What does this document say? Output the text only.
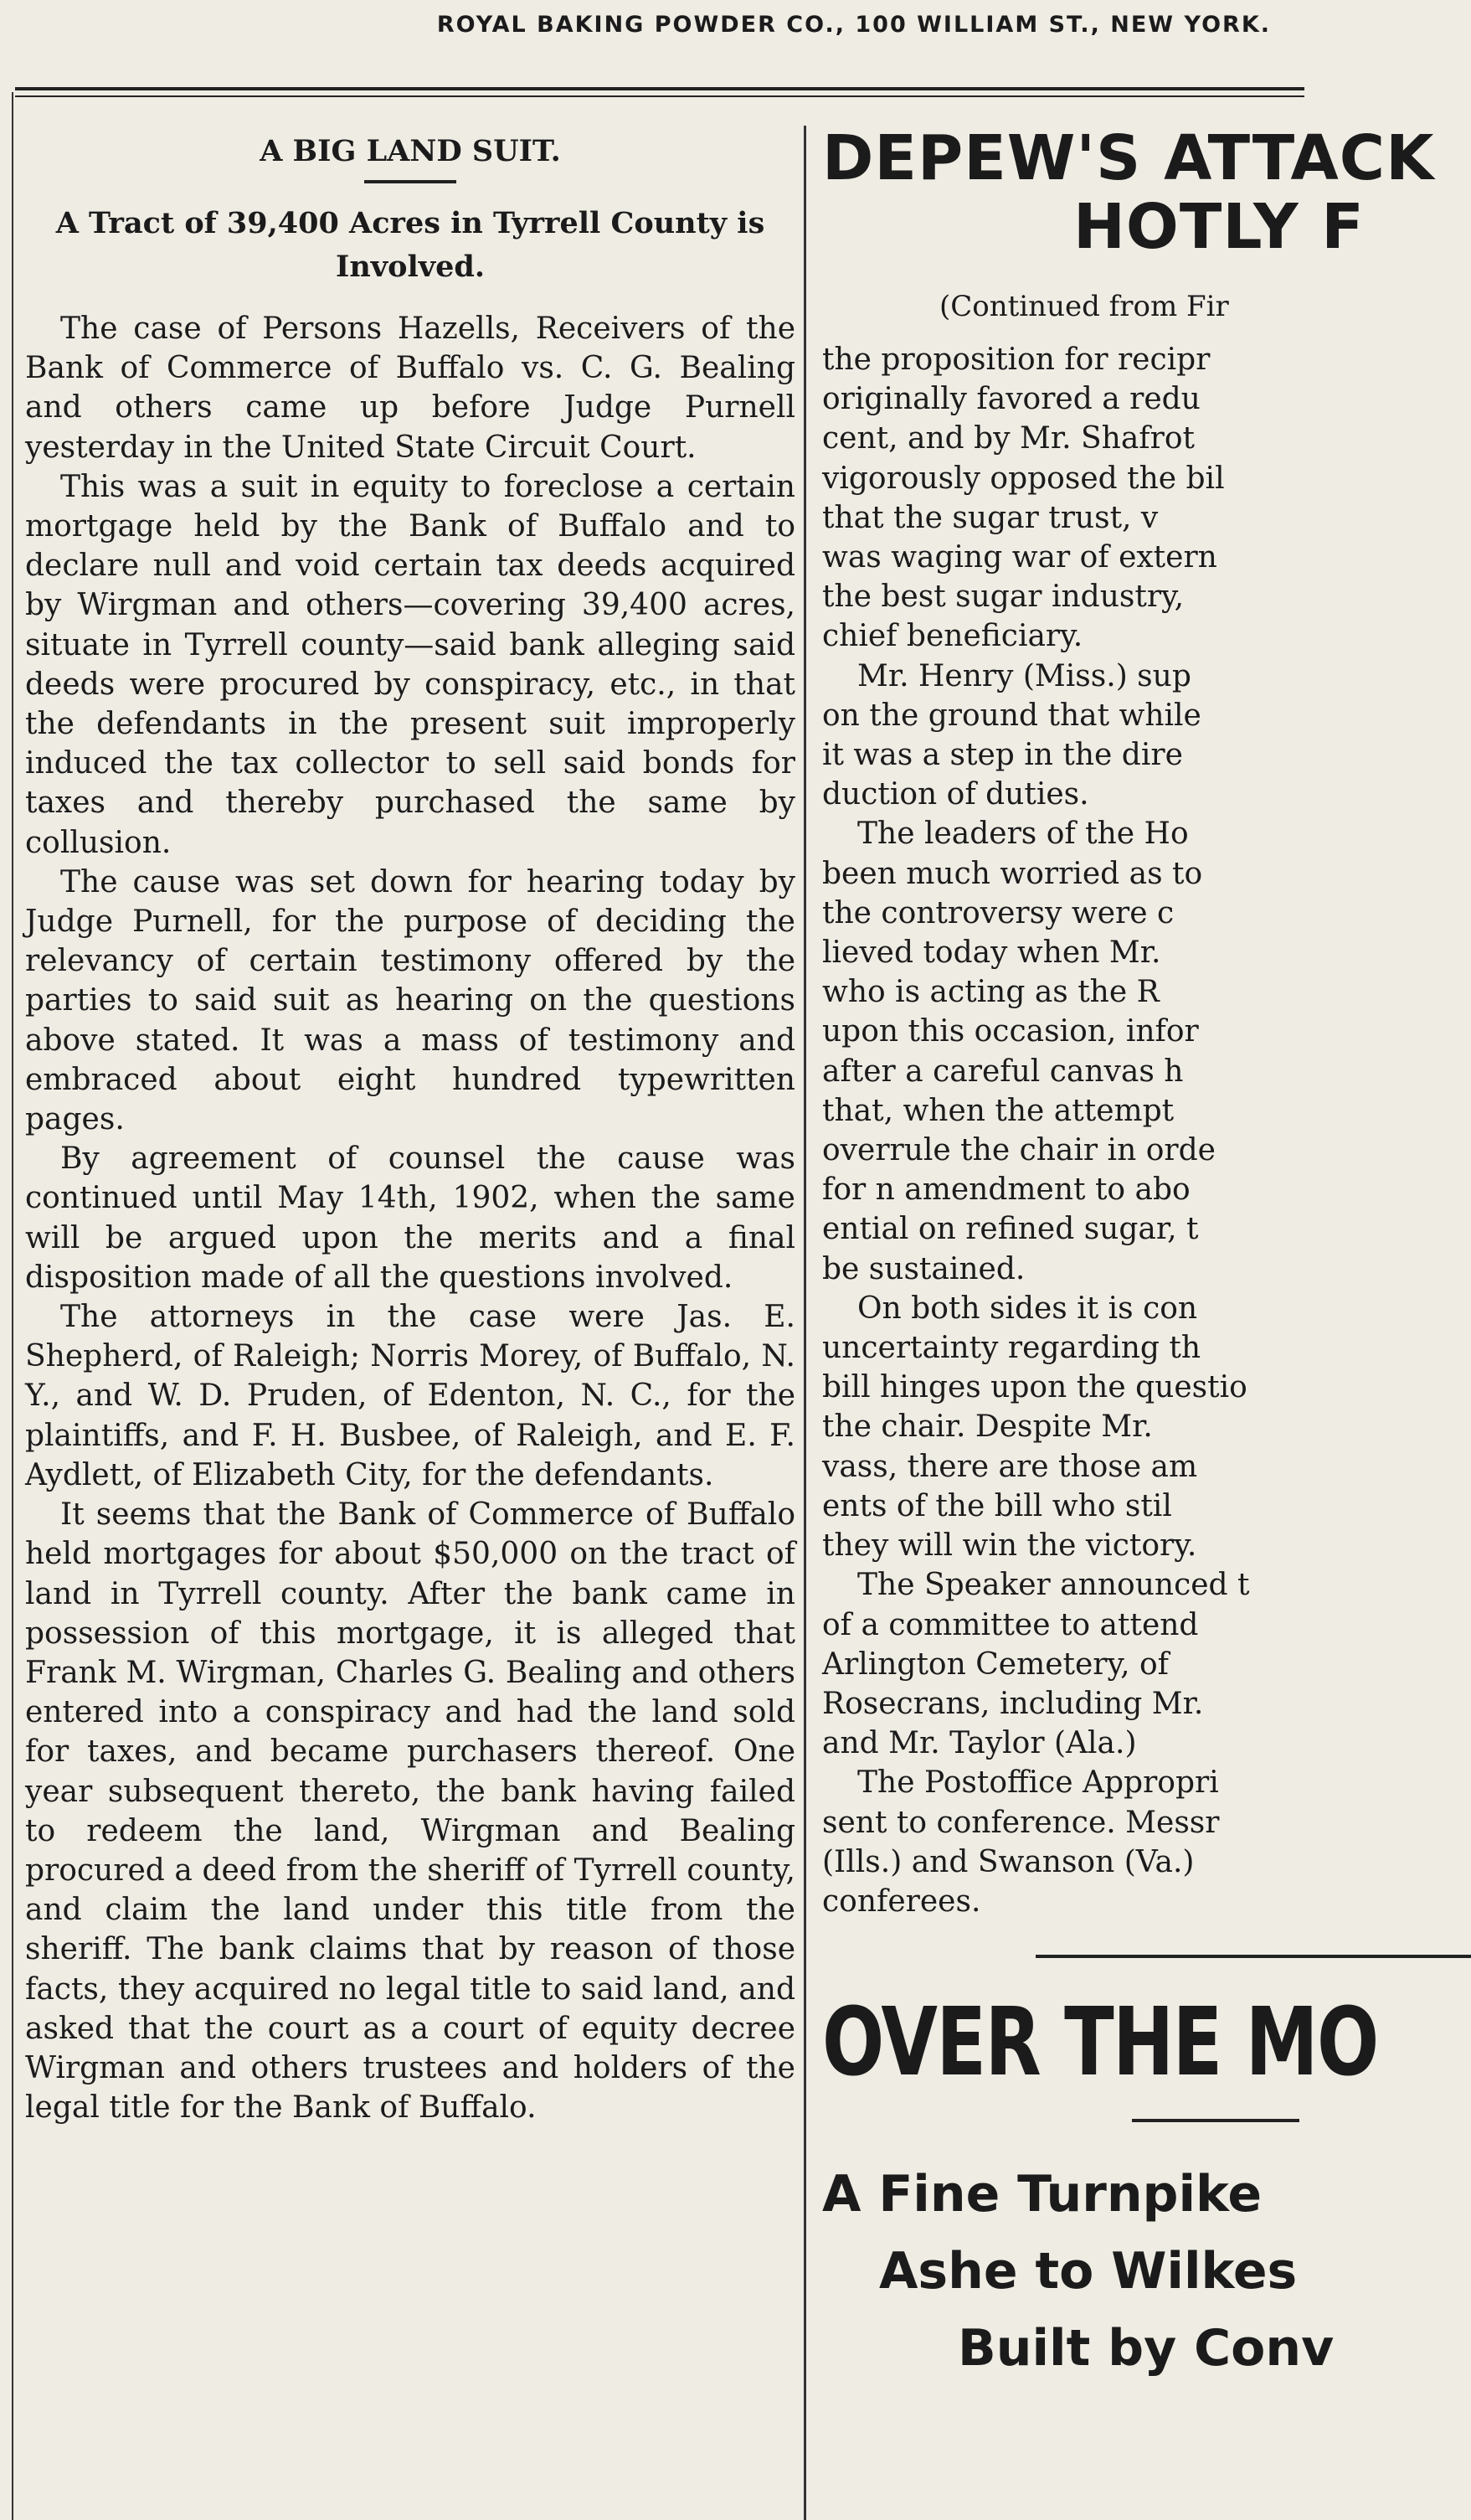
ROYAL BAKING POWDER CO., 100 WILLIAM ST., NEW YORK.
A BIG LAND SUIT.
A Tract of 39,400 Acres in Tyrrell County is Involved.

The case of Persons Hazells, Receivers of the Bank of Commerce of Buffalo vs. C. G. Bealing and others came up before Judge Purnell yesterday in the United State Circuit Court.

This was a suit in equity to foreclose a certain mortgage held by the Bank of Buffalo and to declare null and void certain tax deeds acquired by Wirgman and others—covering 39,400 acres, situate in Tyrrell county—said bank alleging said deeds were procured by conspiracy, etc., in that the defendants in the present suit improperly induced the tax collector to sell said bonds for taxes and thereby purchased the same by collusion.

The cause was set down for hearing today by Judge Purnell, for the purpose of deciding the relevancy of certain testimony offered by the parties to said suit as hearing on the questions above stated. It was a mass of testimony and embraced about eight hundred typewritten pages.

By agreement of counsel the cause was continued until May 14th, 1902, when the same will be argued upon the merits and a final disposition made of all the questions involved.

The attorneys in the case were Jas. E. Shepherd, of Raleigh; Norris Morey, of Buffalo, N. Y., and W. D. Pruden, of Edenton, N. C., for the plaintiffs, and F. H. Busbee, of Raleigh, and E. F. Aydlett, of Elizabeth City, for the defendants.

It seems that the Bank of Commerce of Buffalo held mortgages for about $50,000 on the tract of land in Tyrrell county. After the bank came in possession of this mortgage, it is alleged that Frank M. Wirgman, Charles G. Bealing and others entered into a conspiracy and had the land sold for taxes, and became purchasers thereof. One year subsequent thereto, the bank having failed to redeem the land, Wirgman and Bealing procured a deed from the sheriff of Tyrrell county, and claim the land under this title from the sheriff. The bank claims that by reason of those facts, they acquired no legal title to said land, and asked that the court as a court of equity decree Wirgman and others trustees and holders of the legal title for the Bank of Buffalo.

DEPEW'S ATTACK
HOTLY F
(Continued from Fir

the proposition for recipr

originally favored a redu

cent, and by Mr. Shafrot

vigorously opposed the bil

that the sugar trust, v

was waging war of extern

the best sugar industry,

chief beneficiary.

Mr. Henry (Miss.) sup

on the ground that while

it was a step in the dire

duction of duties.

The leaders of the Ho

been much worried as to

the controversy were c

lieved today when Mr.

who is acting as the R

upon this occasion, infor

after a careful canvas h

that, when the attempt

overrule the chair in orde

for n amendment to abo

ential on refined sugar, t

be sustained.

On both sides it is con

uncertainty regarding th

bill hinges upon the questio

the chair. Despite Mr.

vass, there are those am

ents of the bill who stil

they will win the victory.

The Speaker announced t

of a committee to attend

Arlington Cemetery, of

Rosecrans, including Mr.

and Mr. Taylor (Ala.)

The Postoffice Appropri

sent to conference. Messr

(Ills.) and Swanson (Va.)

conferees.

OVER THE MO
A Fine Turnpike
Ashe to Wilkes
Built by Conv
